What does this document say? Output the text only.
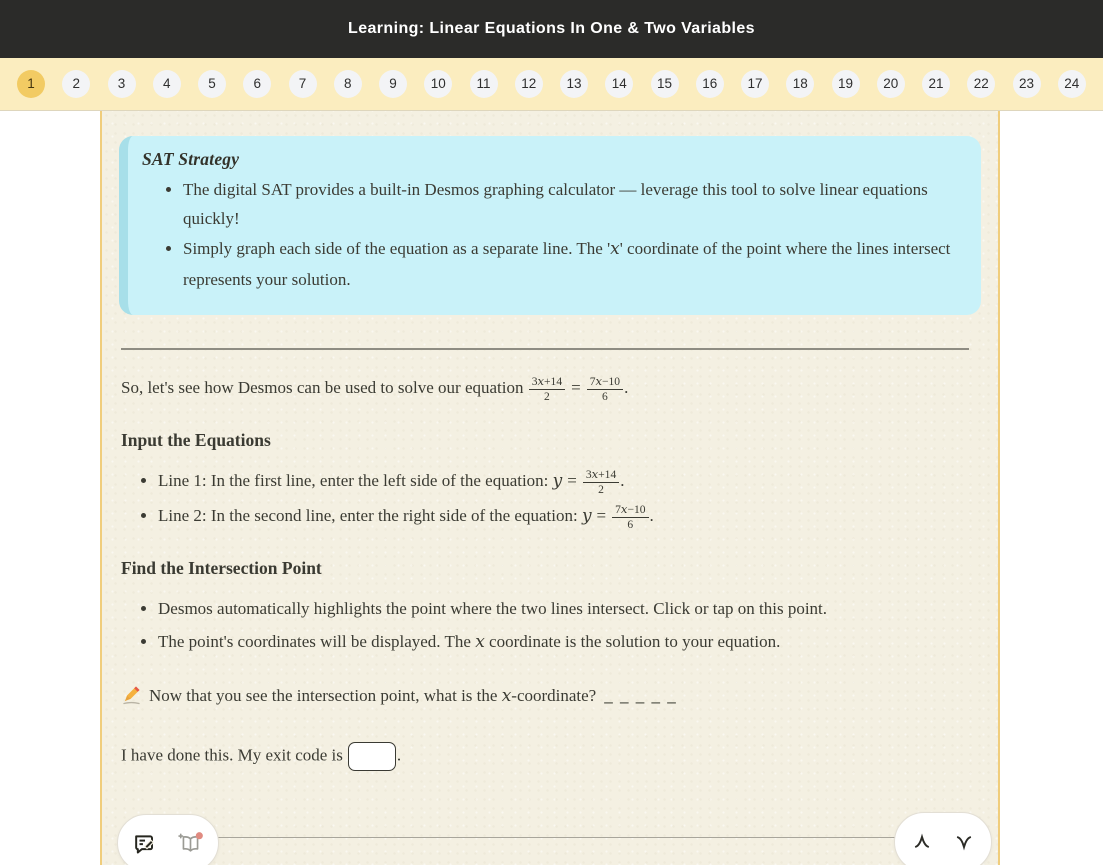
Learning: Linear Equations In One & Two Variables
1	2	3	4	5	6	7	8	9	10	11	12	13	14	15	16	17	18	19	20	21	22	23	24
SAT Strategy
• The digital SAT provides a built-in Desmos graphing calculator — leverage this tool to solve linear equations quickly!
• Simply graph each side of the equation as a separate line. The 'x' coordinate of the point where the lines intersect represents your solution.

So, let's see how Desmos can be used to solve our equation $\frac{3x+14}{2} = \frac{7x-10}{6}$ .

Input the Equations
• Line 1: In the first line, enter the left side of the equation: $y = \frac{3x+14}{2}$ .
• Line 2: In the second line, enter the right side of the equation: $y = \frac{7x-10}{6}$ .
Find the Intersection Point
• Desmos automatically highlights the point where the two lines intersect. Click or tap on this point.
• The point's coordinates will be displayed. The x coordinate is the solution to your equation.

Now that you see the intersection point, what is the x-coordinate? _ _ _ _ _

I have done this. My exit code is	.
